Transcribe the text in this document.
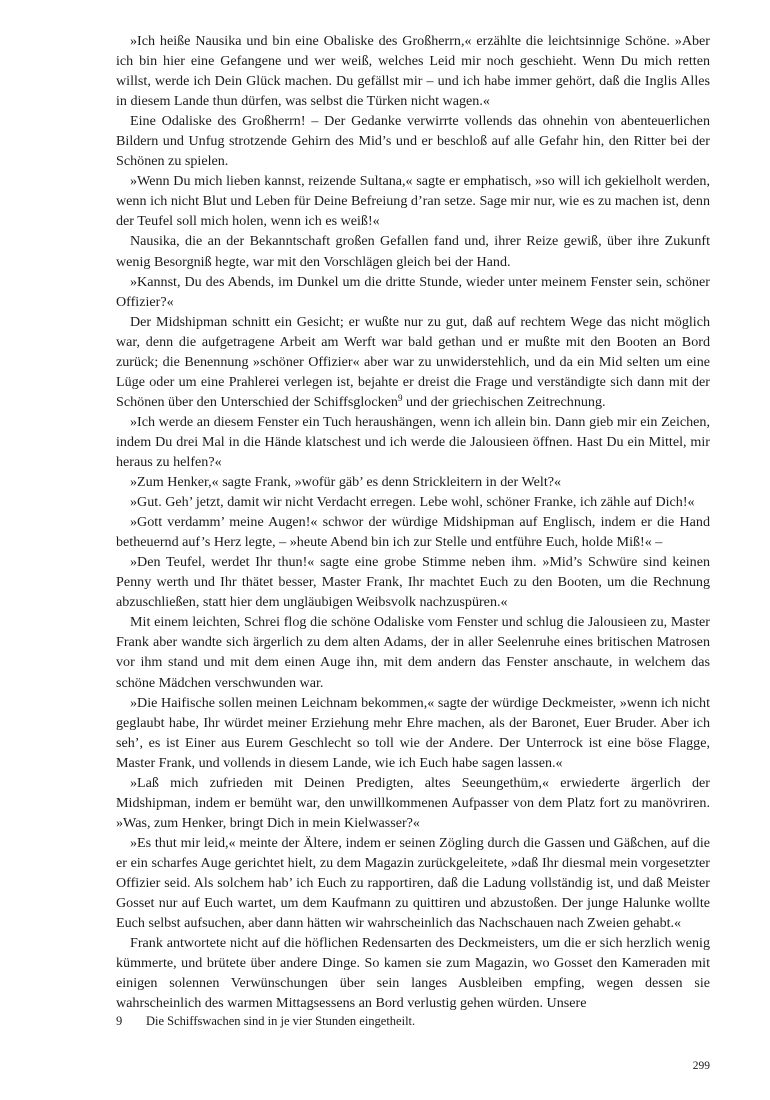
»Ich heiße Nausika und bin eine Obaliske des Großherrn,« erzählte die leichtsinnige Schöne. »Aber ich bin hier eine Gefangene und wer weiß, welches Leid mir noch geschieht. Wenn Du mich retten willst, werde ich Dein Glück machen. Du gefällst mir – und ich habe immer gehört, daß die Inglis Alles in diesem Lande thun dürfen, was selbst die Türken nicht wagen.«

Eine Odaliske des Großherrn! – Der Gedanke verwirrte vollends das ohnehin von abenteuerlichen Bildern und Unfug strotzende Gehirn des Mid’s und er beschloß auf alle Gefahr hin, den Ritter bei der Schönen zu spielen.

»Wenn Du mich lieben kannst, reizende Sultana,« sagte er emphatisch, »so will ich gekielholt werden, wenn ich nicht Blut und Leben für Deine Befreiung d’ran setze. Sage mir nur, wie es zu machen ist, denn der Teufel soll mich holen, wenn ich es weiß!«

Nausika, die an der Bekanntschaft großen Gefallen fand und, ihrer Reize gewiß, über ihre Zukunft wenig Besorgniß hegte, war mit den Vorschlägen gleich bei der Hand.

»Kannst, Du des Abends, im Dunkel um die dritte Stunde, wieder unter meinem Fenster sein, schöner Offizier?«

Der Midshipman schnitt ein Gesicht; er wußte nur zu gut, daß auf rechtem Wege das nicht möglich war, denn die aufgetragene Arbeit am Werft war bald gethan und er mußte mit den Booten an Bord zurück; die Benennung »schöner Offizier« aber war zu unwiderstehlich, und da ein Mid selten um eine Lüge oder um eine Prahlerei verlegen ist, bejahte er dreist die Frage und verständigte sich dann mit der Schönen über den Unterschied der Schiffsglocken$^9$ und der griechischen Zeitrechnung.

»Ich werde an diesem Fenster ein Tuch heraushängen, wenn ich allein bin. Dann gieb mir ein Zeichen, indem Du drei Mal in die Hände klatschest und ich werde die Jalousieen öffnen. Hast Du ein Mittel, mir heraus zu helfen?«

»Zum Henker,« sagte Frank, »wofür gäb’ es denn Strickleitern in der Welt?«

»Gut. Geh’ jetzt, damit wir nicht Verdacht erregen. Lebe wohl, schöner Franke, ich zähle auf Dich!«

»Gott verdamm’ meine Augen!« schwor der würdige Midshipman auf Englisch, indem er die Hand betheuernd auf’s Herz legte, – »heute Abend bin ich zur Stelle und entführe Euch, holde Miß!« –

»Den Teufel, werdet Ihr thun!« sagte eine grobe Stimme neben ihm. »Mid’s Schwüre sind keinen Penny werth und Ihr thätet besser, Master Frank, Ihr machtet Euch zu den Booten, um die Rechnung abzuschließen, statt hier dem ungläubigen Weibsvolk nachzuspüren.«

Mit einem leichten, Schrei flog die schöne Odaliske vom Fenster und schlug die Jalousieen zu, Master Frank aber wandte sich ärgerlich zu dem alten Adams, der in aller Seelenruhe eines britischen Matrosen vor ihm stand und mit dem einen Auge ihn, mit dem andern das Fenster anschaute, in welchem das schöne Mädchen verschwunden war.

»Die Haifische sollen meinen Leichnam bekommen,« sagte der würdige Deckmeister, »wenn ich nicht geglaubt habe, Ihr würdet meiner Erziehung mehr Ehre machen, als der Baronet, Euer Bruder. Aber ich seh’, es ist Einer aus Eurem Geschlecht so toll wie der Andere. Der Unterrock ist eine böse Flagge, Master Frank, und vollends in diesem Lande, wie ich Euch habe sagen lassen.«

»Laß mich zufrieden mit Deinen Predigten, altes Seeungethüm,« erwiederte ärgerlich der Midshipman, indem er bemüht war, den unwillkommenen Aufpasser von dem Platz fort zu manövriren. »Was, zum Henker, bringt Dich in mein Kielwasser?«

»Es thut mir leid,« meinte der Ältere, indem er seinen Zögling durch die Gassen und Gäßchen, auf die er ein scharfes Auge gerichtet hielt, zu dem Magazin zurückgeleitete, »daß Ihr diesmal mein vorgesetzter Offizier seid. Als solchem hab’ ich Euch zu rapportiren, daß die Ladung vollständig ist, und daß Meister Gosset nur auf Euch wartet, um dem Kaufmann zu quittiren und abzustoßen. Der junge Halunke wollte Euch selbst aufsuchen, aber dann hätten wir wahrscheinlich das Nachschauen nach Zweien gehabt.«

Frank antwortete nicht auf die höflichen Redensarten des Deckmeisters, um die er sich herzlich wenig kümmerte, und brütete über andere Dinge. So kamen sie zum Magazin, wo Gosset den Kameraden mit einigen solennen Verwünschungen über sein langes Ausbleiben empfing, wegen dessen sie wahrscheinlich des warmen Mittagsessens an Bord verlustig gehen würden. Unsere

9 Die Schiffswachen sind in je vier Stunden eingetheilt.
299
